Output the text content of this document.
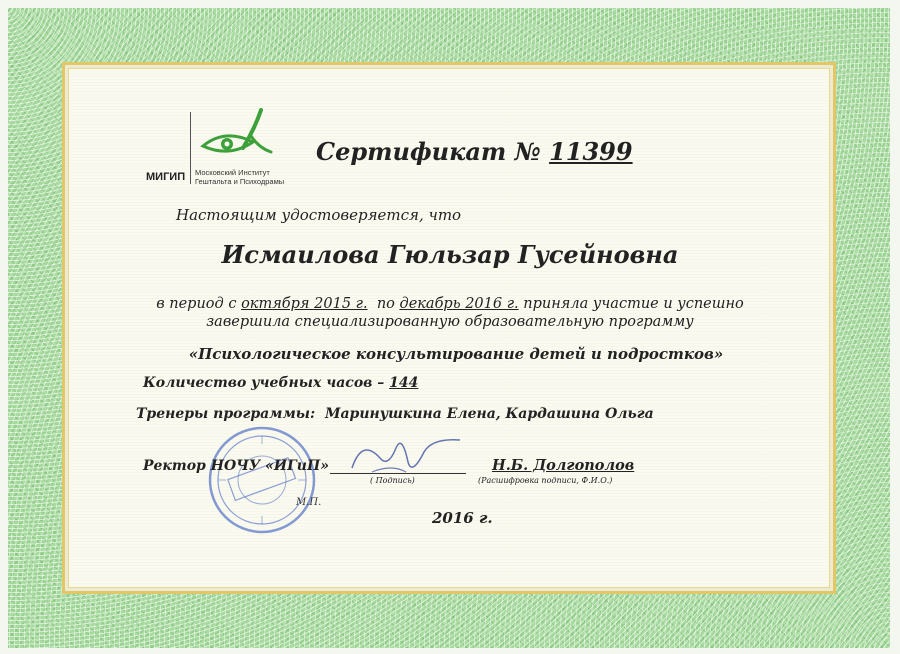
МИГИП Московский Институт
Гештальта и Психодрамы
Сертификат № 11399
Настоящим удостоверяется, что
Исмаилова Гюльзар Гусейновна
в период с октября 2015 г. по декабрь 2016 г. приняла участие и успешно
завершила специализированную образовательную программу
«Психологическое консультирование детей и подростков»
Количество учебных часов – 144
Тренеры программы: Маринушкина Елена, Кардашина Ольга
Ректор НОЧУ «ИГиП»
( Подпись)
Н.Б. Долгополов
(Расшифровка подписи, Ф.И.О.)
М.П.
2016 г.
